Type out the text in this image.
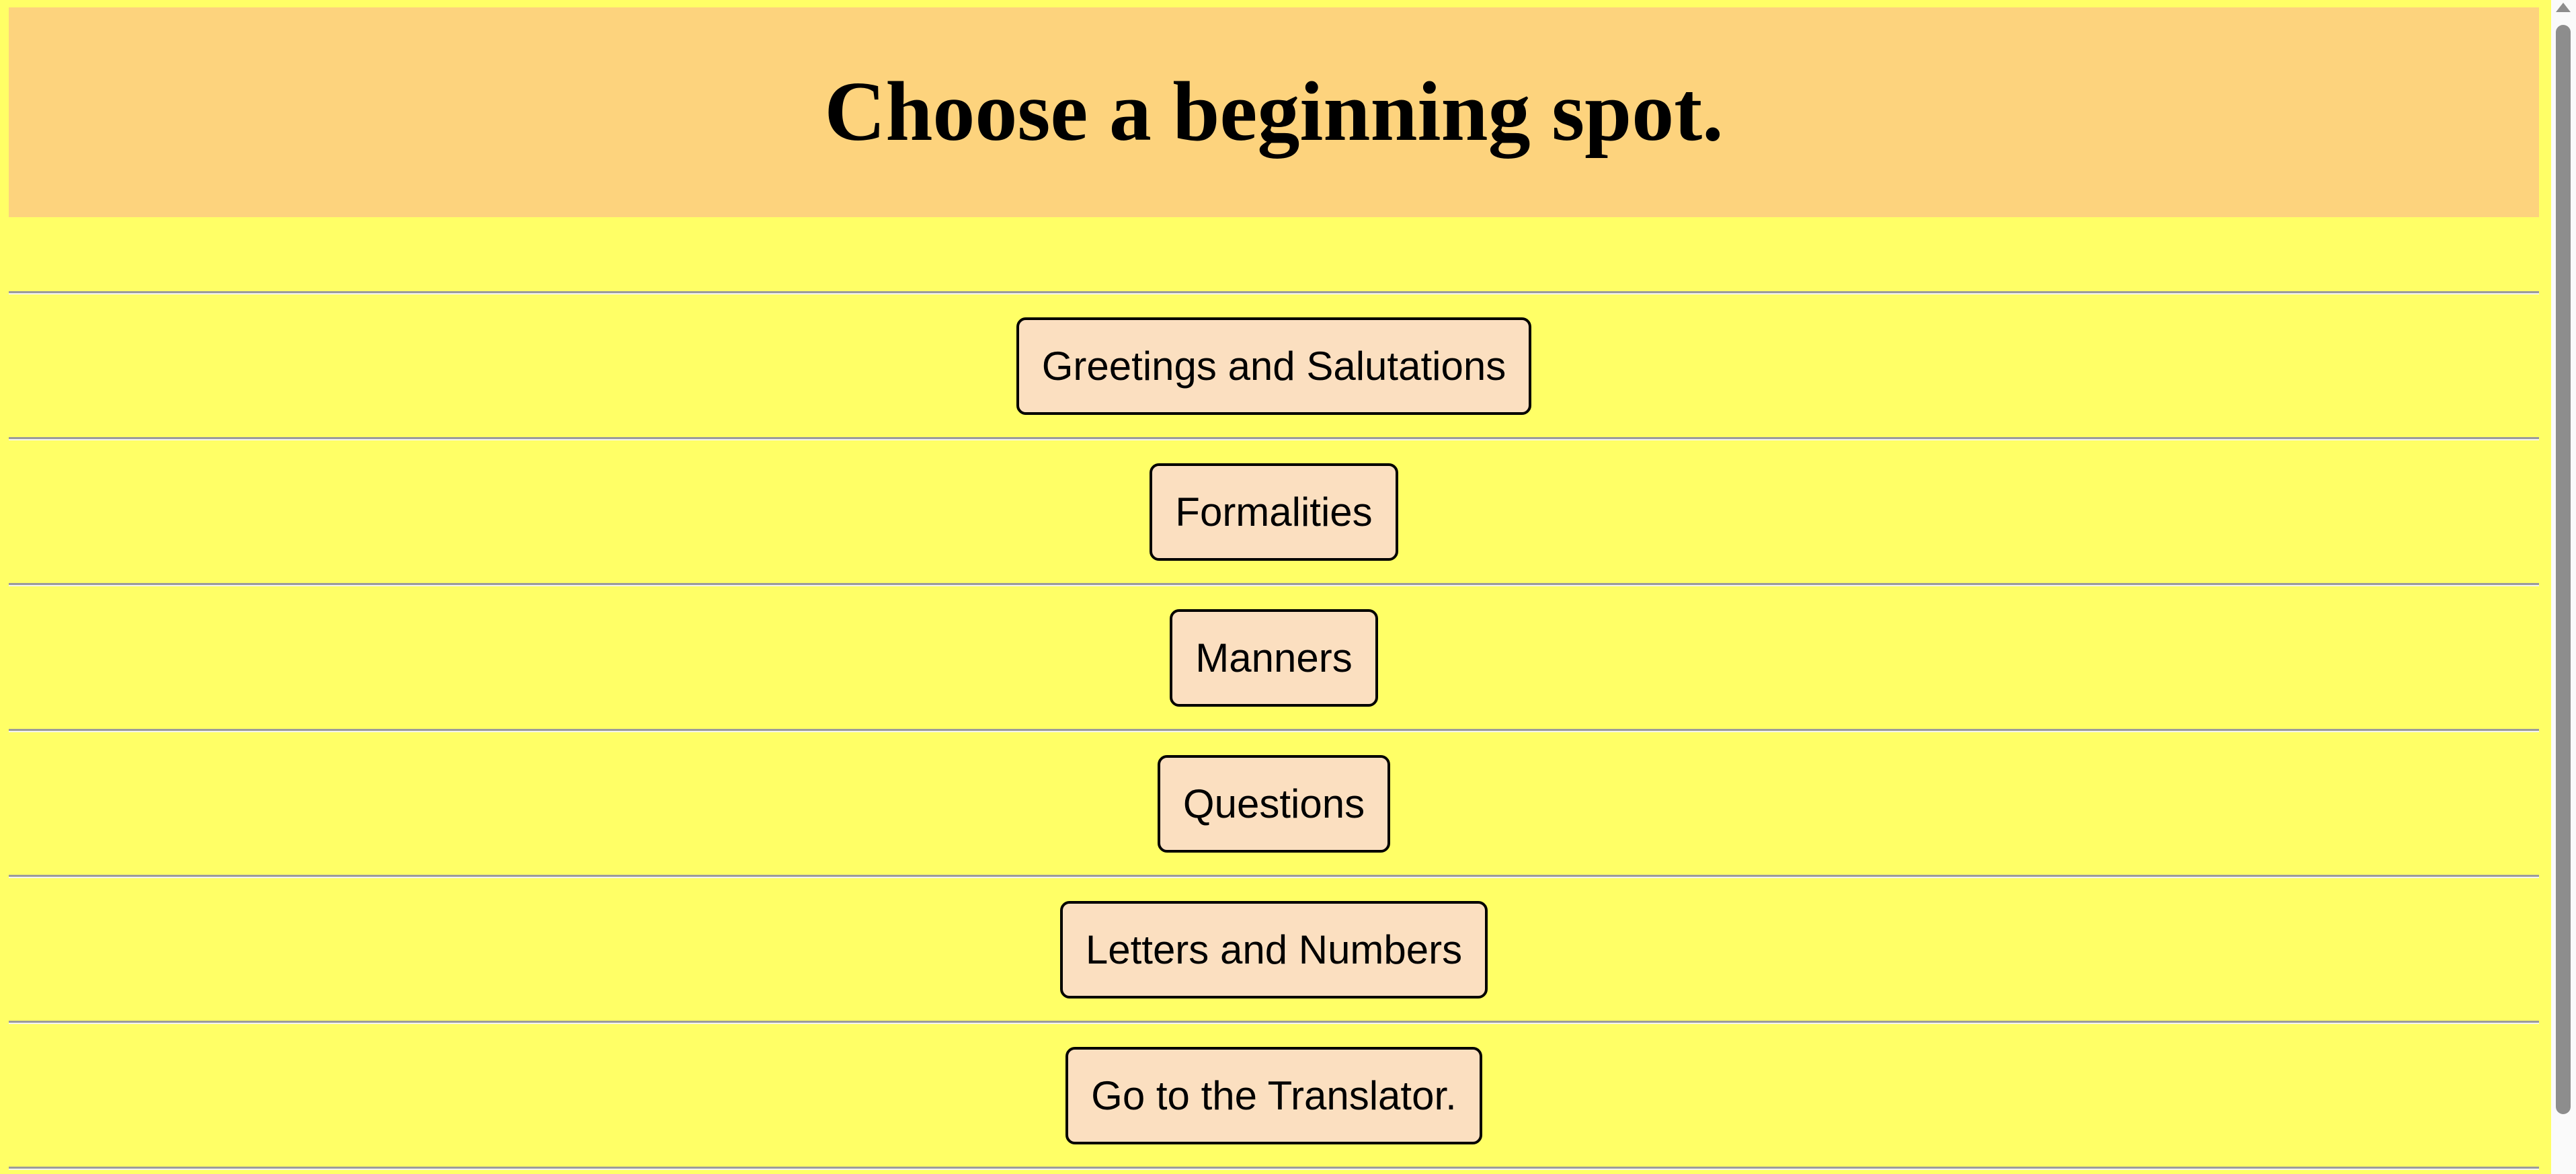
Choose a beginning spot.
Greetings and Salutations
Formalities
Manners
Questions
Letters and Numbers
Go to the Translator.
